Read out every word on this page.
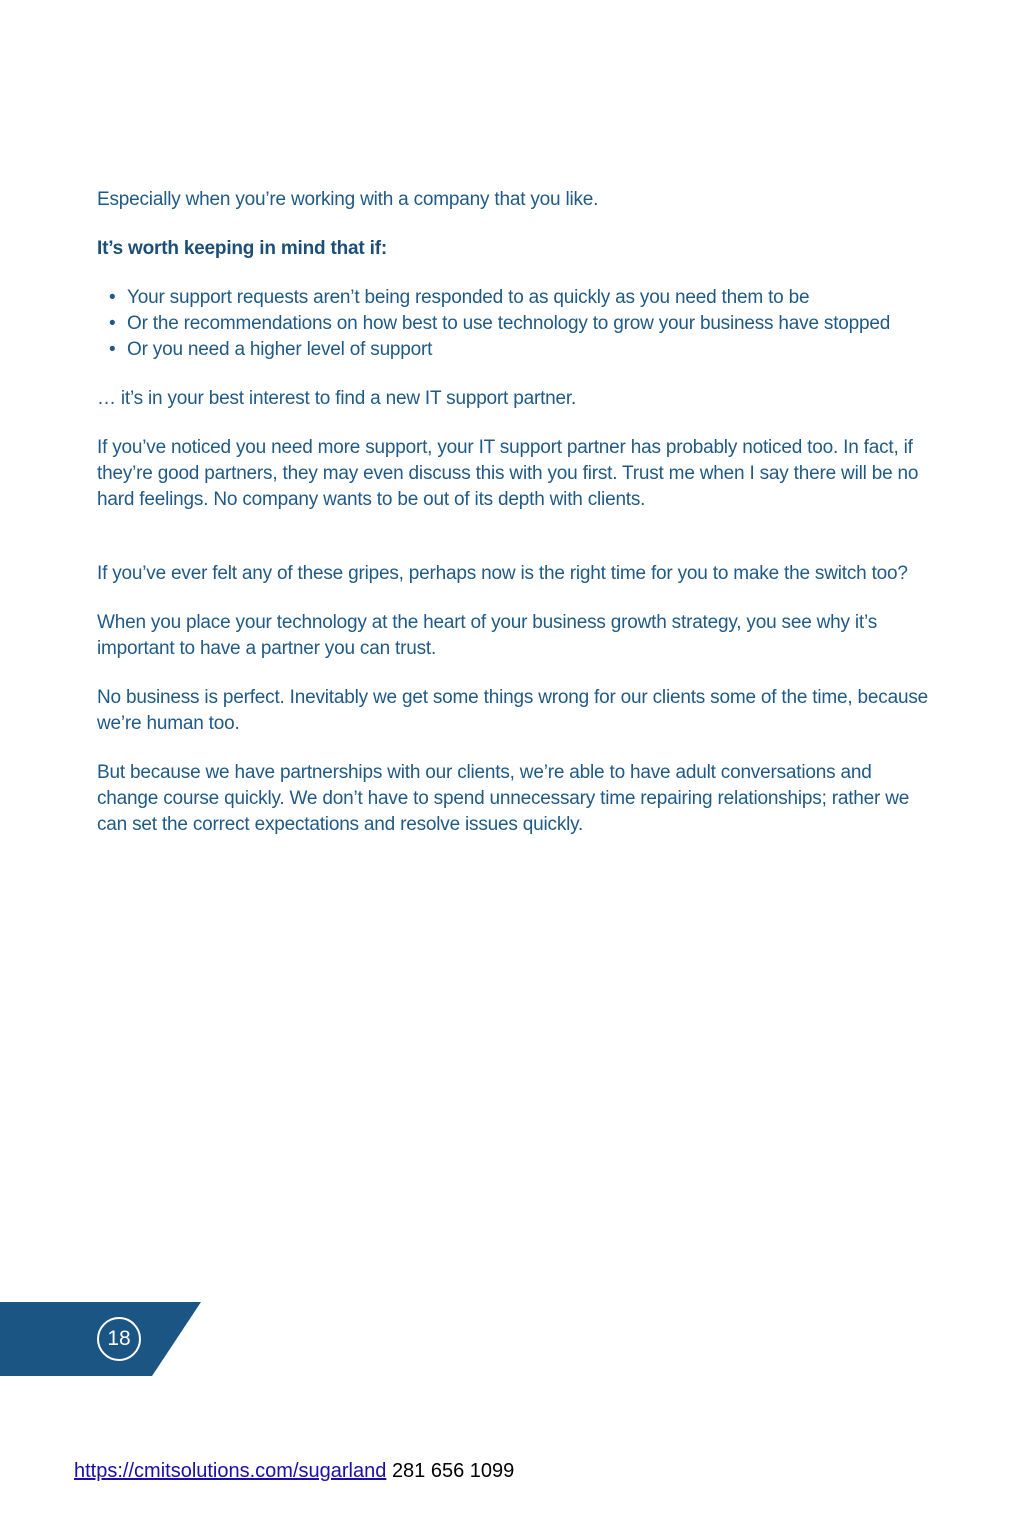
Especially when you’re working with a company that you like.

It’s worth keeping in mind that if:

• Your support requests aren’t being responded to as quickly as you need them to be
• Or the recommendations on how best to use technology to grow your business have stopped
• Or you need a higher level of support

… it’s in your best interest to find a new IT support partner.

If you’ve noticed you need more support, your IT support partner has probably noticed too. In fact, if they’re good partners, they may even discuss this with you first. Trust me when I say there will be no hard feelings. No company wants to be out of its depth with clients.

If you’ve ever felt any of these gripes, perhaps now is the right time for you to make the switch too?

When you place your technology at the heart of your business growth strategy, you see why it’s important to have a partner you can trust.

No business is perfect. Inevitably we get some things wrong for our clients some of the time, because we’re human too.

But because we have partnerships with our clients, we’re able to have adult conversations and change course quickly. We don’t have to spend unnecessary time repairing relationships; rather we can set the correct expectations and resolve issues quickly.

18
https://cmitsolutions.com/sugarland 281 656 1099
